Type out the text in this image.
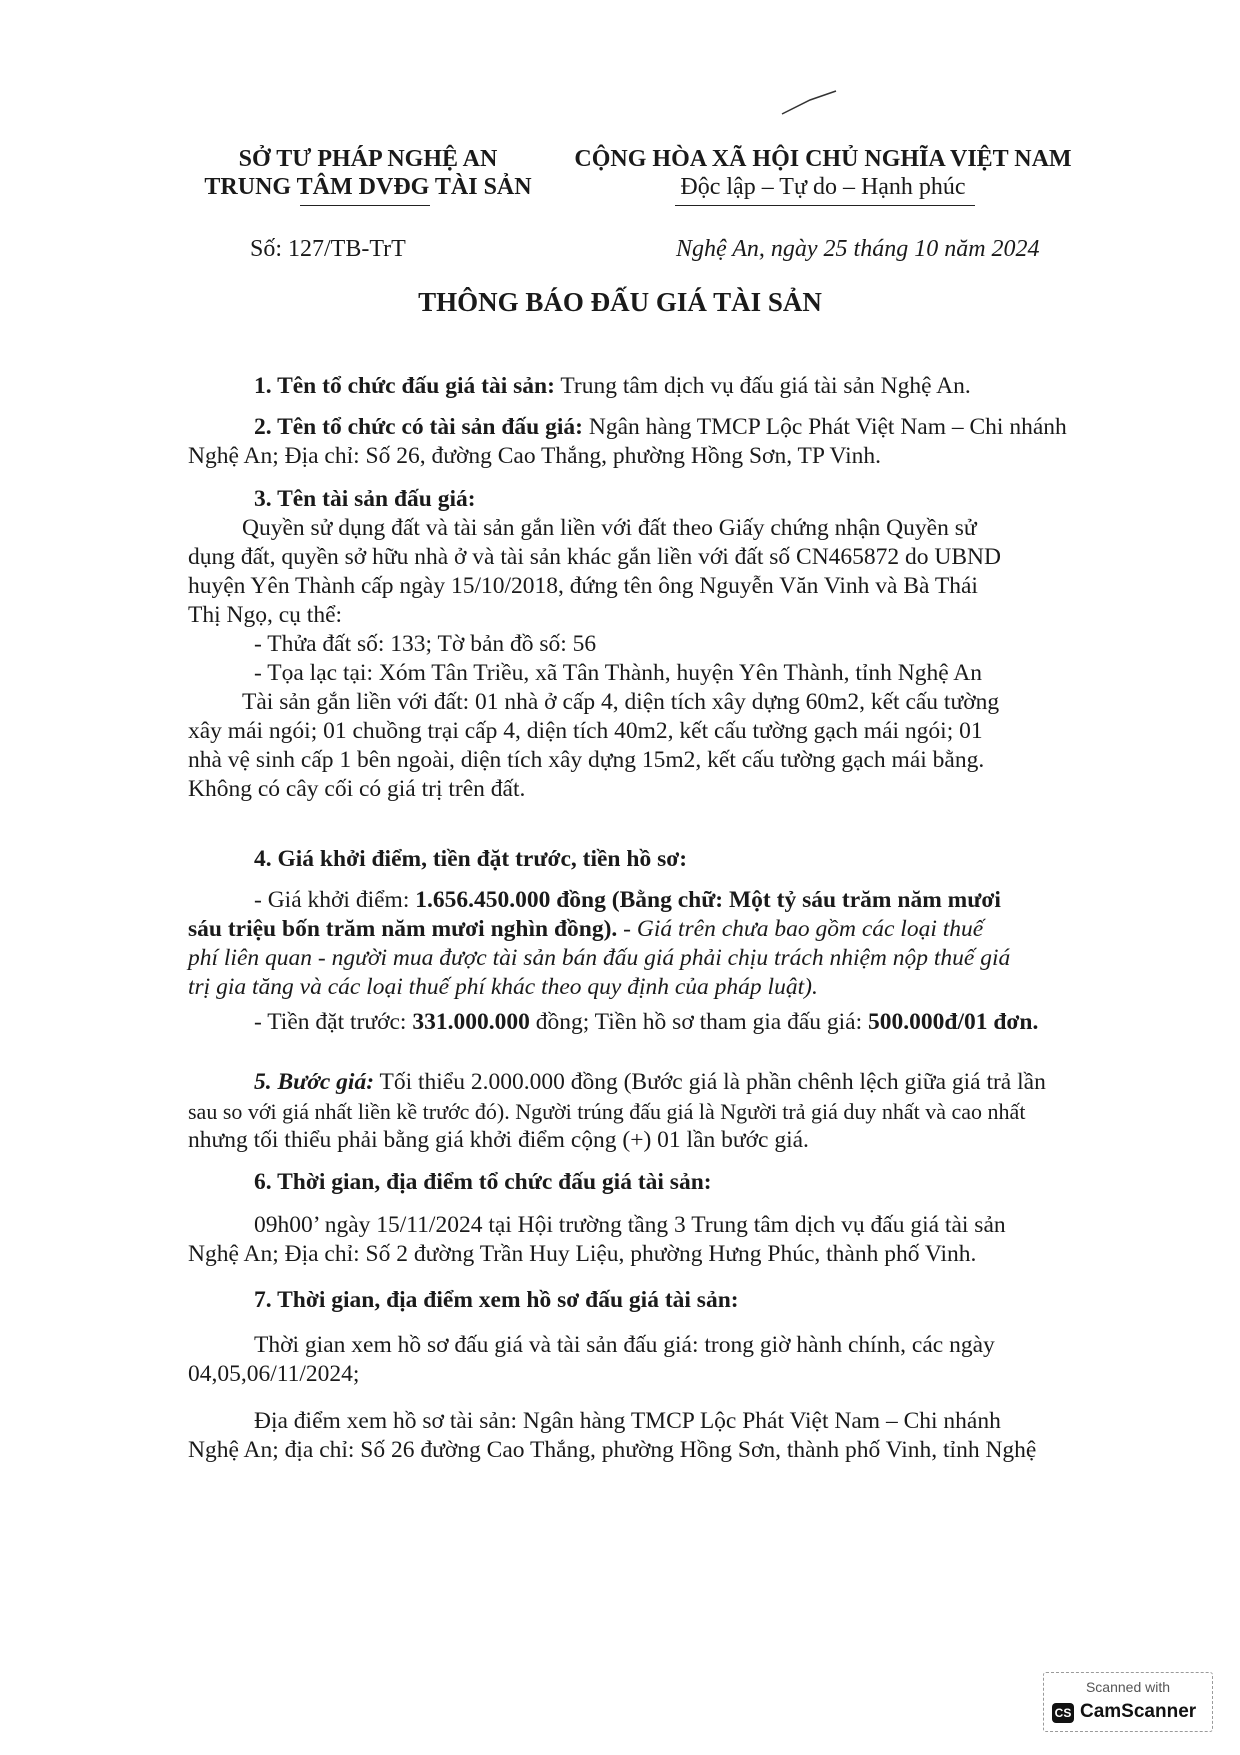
SỞ TƯ PHÁP NGHỆ AN
TRUNG TÂM DVĐG TÀI SẢN
CỘNG HÒA XÃ HỘI CHỦ NGHĨA VIỆT NAM
Độc lập – Tự do – Hạnh phúc
Số: 127/TB-TrT	Nghệ An, ngày 25 tháng 10 năm 2024
THÔNG BÁO ĐẤU GIÁ TÀI SẢN
1. Tên tổ chức đấu giá tài sản: Trung tâm dịch vụ đấu giá tài sản Nghệ An.
2. Tên tổ chức có tài sản đấu giá: Ngân hàng TMCP Lộc Phát Việt Nam – Chi nhánh
Nghệ An; Địa chỉ: Số 26, đường Cao Thắng, phường Hồng Sơn, TP Vinh.
3. Tên tài sản đấu giá:
Quyền sử dụng đất và tài sản gắn liền với đất theo Giấy chứng nhận Quyền sử
dụng đất, quyền sở hữu nhà ở và tài sản khác gắn liền với đất số CN465872 do UBND
huyện Yên Thành cấp ngày 15/10/2018, đứng tên ông Nguyễn Văn Vinh và Bà Thái
Thị Ngọ, cụ thể:
- Thửa đất số: 133; Tờ bản đồ số: 56
- Tọa lạc tại: Xóm Tân Triều, xã Tân Thành, huyện Yên Thành, tỉnh Nghệ An
Tài sản gắn liền với đất: 01 nhà ở cấp 4, diện tích xây dựng 60m2, kết cấu tường
xây mái ngói; 01 chuồng trại cấp 4, diện tích 40m2, kết cấu tường gạch mái ngói; 01
nhà vệ sinh cấp 1 bên ngoài, diện tích xây dựng 15m2, kết cấu tường gạch mái bằng.
Không có cây cối có giá trị trên đất.
4. Giá khởi điểm, tiền đặt trước, tiền hồ sơ:
- Giá khởi điểm: 1.656.450.000 đồng (Bằng chữ: Một tỷ sáu trăm năm mươi
sáu triệu bốn trăm năm mươi nghìn đồng). - Giá trên chưa bao gồm các loại thuế
phí liên quan - người mua được tài sản bán đấu giá phải chịu trách nhiệm nộp thuế giá
trị gia tăng và các loại thuế phí khác theo quy định của pháp luật).
- Tiền đặt trước: 331.000.000 đồng; Tiền hồ sơ tham gia đấu giá: 500.000đ/01 đơn.
5. Bước giá: Tối thiểu 2.000.000 đồng (Bước giá là phần chênh lệch giữa giá trả lần
sau so với giá nhất liền kề trước đó). Người trúng đấu giá là Người trả giá duy nhất và cao nhất
nhưng tối thiểu phải bằng giá khởi điểm cộng (+) 01 lần bước giá.
6. Thời gian, địa điểm tổ chức đấu giá tài sản:
09h00’ ngày 15/11/2024 tại Hội trường tầng 3 Trung tâm dịch vụ đấu giá tài sản
Nghệ An; Địa chỉ: Số 2 đường Trần Huy Liệu, phường Hưng Phúc, thành phố Vinh.
7. Thời gian, địa điểm xem hồ sơ đấu giá tài sản:
Thời gian xem hồ sơ đấu giá và tài sản đấu giá: trong giờ hành chính, các ngày
04,05,06/11/2024;
Địa điểm xem hồ sơ tài sản: Ngân hàng TMCP Lộc Phát Việt Nam – Chi nhánh
Nghệ An; địa chỉ: Số 26 đường Cao Thắng, phường Hồng Sơn, thành phố Vinh, tỉnh Nghệ
Scanned with
CS CamScanner
